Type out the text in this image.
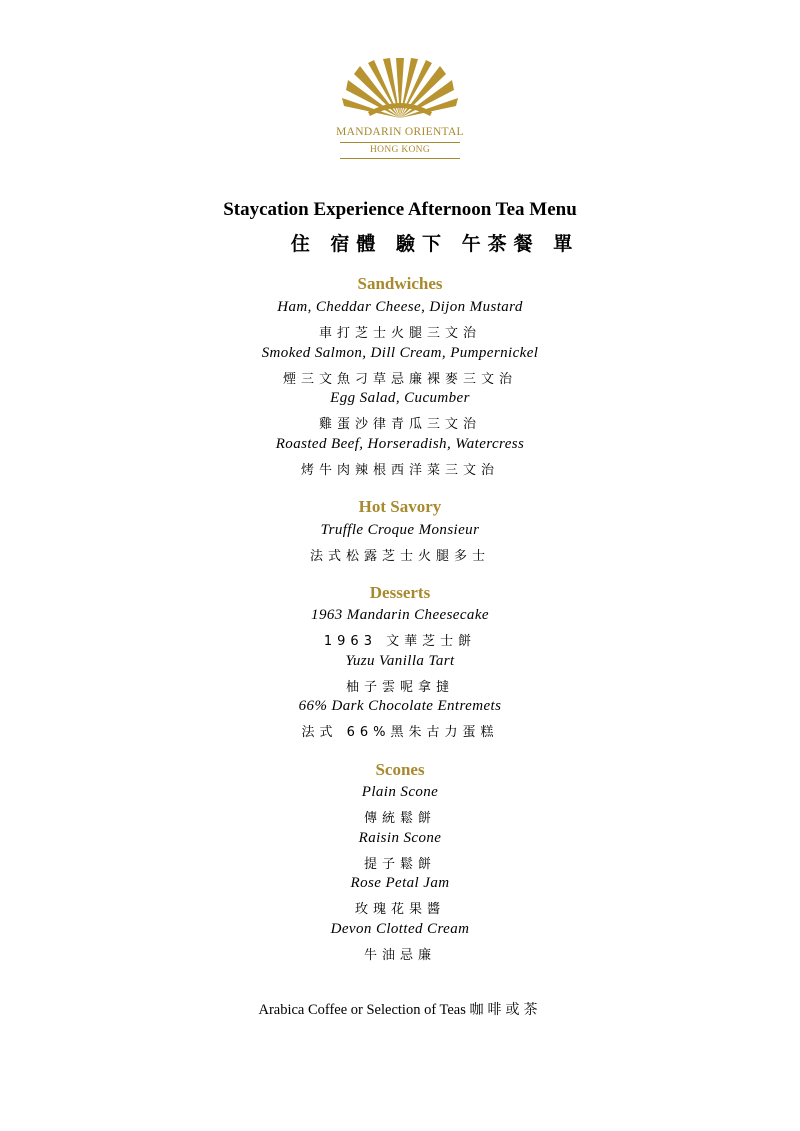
MANDARIN ORIENTAL
HONG KONG
Staycation Experience Afternoon Tea Menu
住 宿體 驗下 午茶餐 單
Sandwiches
Ham, Cheddar Cheese, Dijon Mustard
車打芝士火腿三文治
Smoked Salmon, Dill Cream, Pumpernickel
煙三文魚刁草忌廉裸麥三文治
Egg Salad, Cucumber
雞蛋沙律青瓜三文治
Roasted Beef, Horseradish, Watercress
烤牛肉辣根西洋菜三文治
Hot Savory
Truffle Croque Monsieur
法式松露芝士火腿多士
Desserts
1963 Mandarin Cheesecake
1963 文華芝士餅
Yuzu Vanilla Tart
柚子雲呢拿撻
66% Dark Chocolate Entremets
法式 66%黑朱古力蛋糕
Scones
Plain Scone
傳統鬆餅
Raisin Scone
提子鬆餅
Rose Petal Jam
玫瑰花果醬
Devon Clotted Cream
牛油忌廉
Arabica Coffee or Selection of Teas 咖啡或茶
